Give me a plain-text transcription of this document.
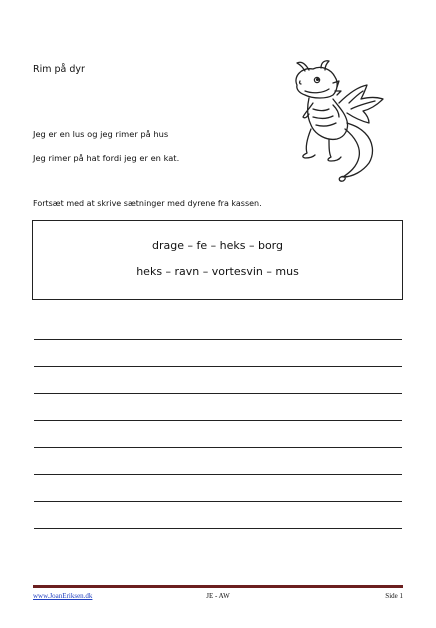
Rim på dyr
Jeg er en lus og jeg rimer på hus
Jeg rimer på hat fordi jeg er en kat.
Fortsæt med at skrive sætninger med dyrene fra kassen.
drage – fe – heks – borg
heks – ravn – vortesvin – mus
www.JoanEriksen.dk	JE - AW	Side 1
